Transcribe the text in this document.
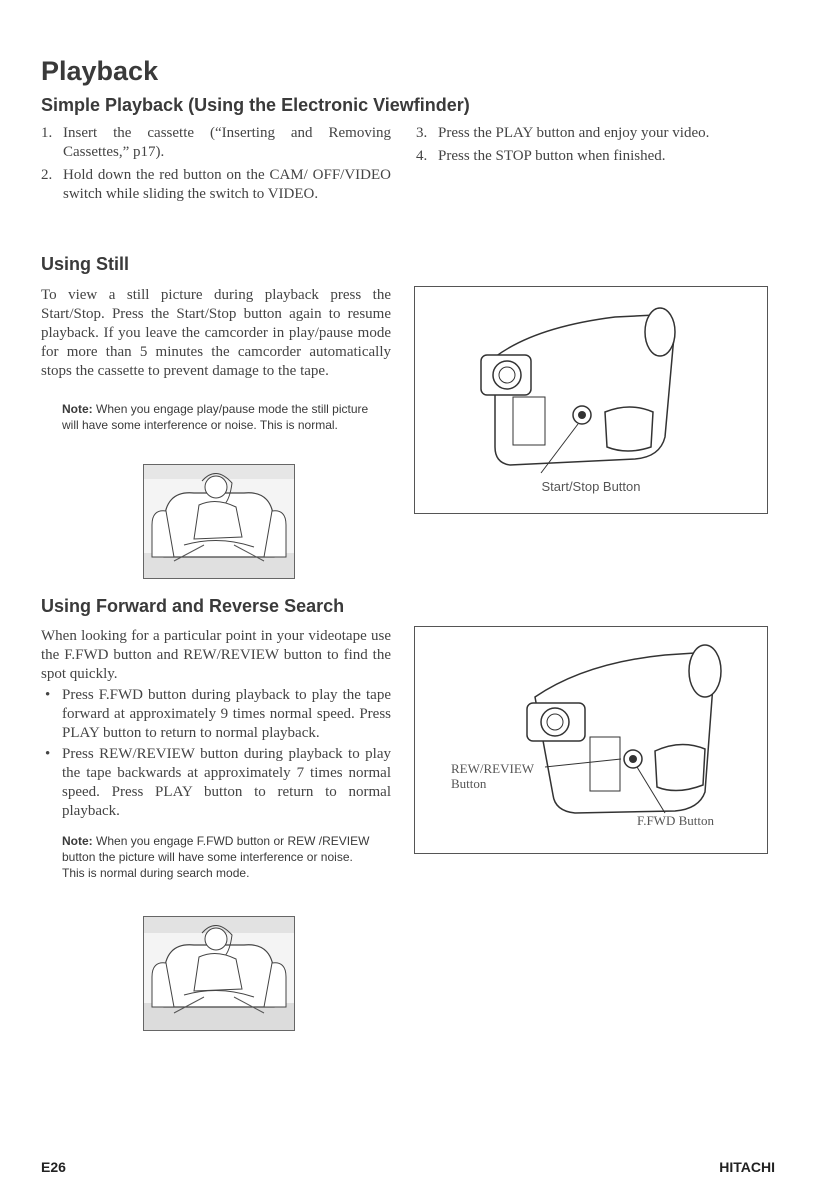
Playback
Simple Playback (Using the Electronic Viewfinder)
1. Insert the cassette (“Inserting and Removing Cassettes,” p17).
2. Hold down the red button on the CAM/ OFF/VIDEO switch while sliding the switch to VIDEO.
3. Press the PLAY button and enjoy your video.
4. Press the STOP button when finished.
Using Still

To view a still picture during playback press the Start/Stop. Press the Start/Stop button again to resume playback. If you leave the camcorder in play/pause mode for more than 5 minutes the camcorder automatically stops the cassette to prevent damage to the tape.

Note: When you engage play/pause mode the still picture will have some interference or noise. This is normal.

Start/Stop Button
Using Forward and Reverse Search

When looking for a particular point in your videotape use the F.FWD button and REW/REVIEW button to find the spot quickly.

• Press F.FWD button during playback to play the tape forward at approximately 9 times normal speed. Press PLAY button to return to normal playback.
• Press REW/REVIEW button during playback to play the tape backwards at approximately 7 times normal speed. Press PLAY button to return to normal playback.

Note: When you engage F.FWD button or REW /REVIEW button the picture will have some interference or noise. This is normal during search mode.

REW/REVIEW
Button
F.FWD Button
E26	HITACHI
